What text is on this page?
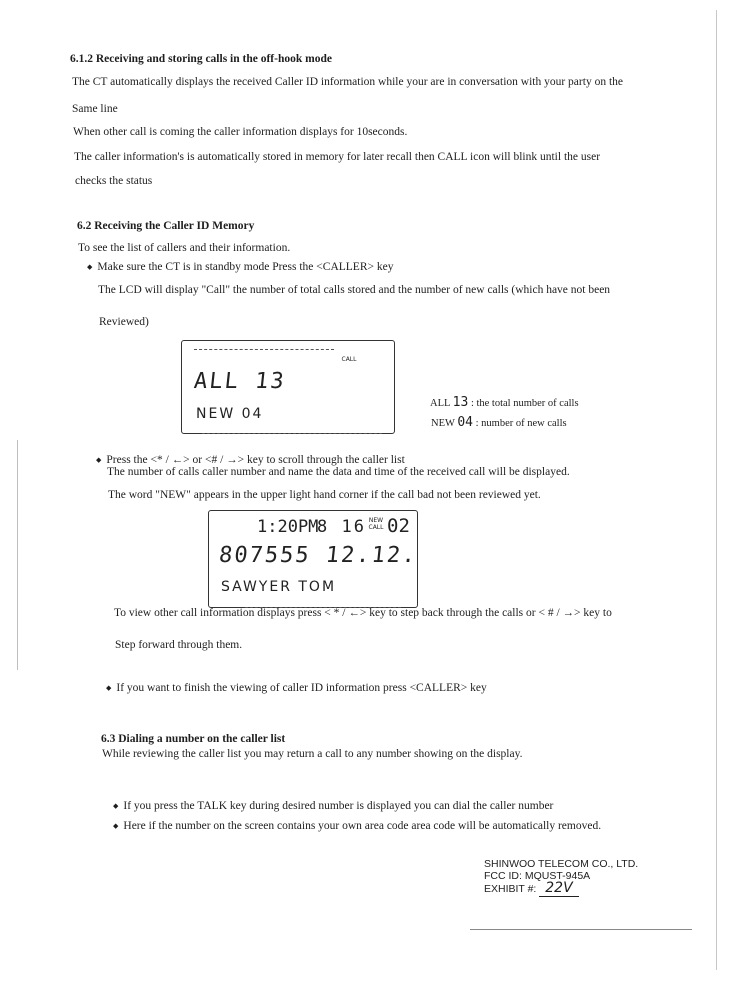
6.1.2 Receiving and storing calls in the off-hook mode
The CT automatically displays the received Caller ID information while your are in conversation with your party on the
Same line
When other call is coming the caller information displays for 10seconds.
The caller information's is automatically stored in memory for later recall then CALL icon will blink until the user
checks the status
6.2 Receiving the Caller ID Memory
To see the list of callers and their information.
◆ Make sure the CT is in standby mode Press the <CALLER> key
The LCD will display "Call" the number of total calls stored and the number of new calls (which have not been
Reviewed)
CALL
ALL 13
NEW 04
ALL 13 : the total number of calls
NEW 04 : number of new calls
◆ Press the <* / ←> or <# / →> key to scroll through the caller list
The number of calls caller number and name the data and time of the received call will be displayed.
The word "NEW" appears in the upper light hand corner if the call bad not been reviewed yet.
1:20PM
8 16 NEW
CALL 02
807555 12.12.
SAWYER TOM
To view other call information displays press < * / ←> key to step back through the calls or < # / →> key to
Step forward through them.
◆ If you want to finish the viewing of caller ID information press <CALLER> key
6.3 Dialing a number on the caller list
While reviewing the caller list you may return a call to any number showing on the display.
◆ If you press the TALK key during desired number is displayed you can dial the caller number
◆ Here if the number on the screen contains your own area code area code will be automatically removed.
SHINWOO TELECOM CO., LTD.
FCC ID: MQUST-945A
EXHIBIT #: 22V
